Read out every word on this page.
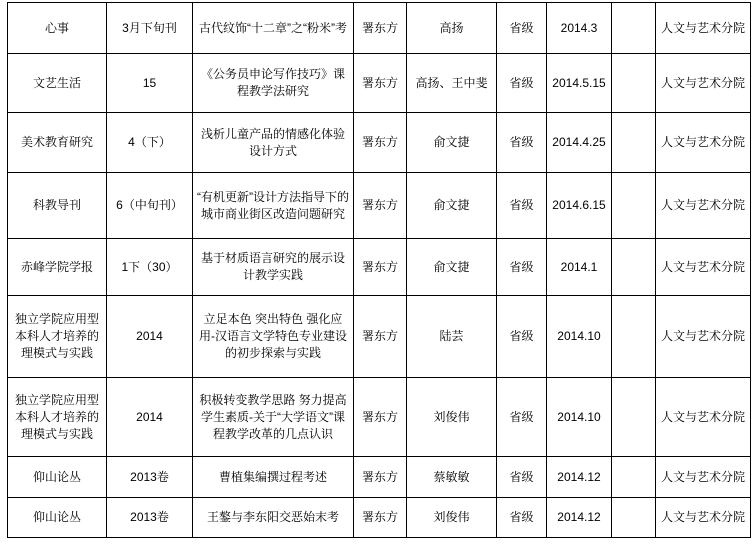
心事	3月下旬刊	古代纹饰“十二章”之“粉米”考	署东方	高扬	省级	2014.3		人文与艺术分院
文艺生活	15	《公务员申论写作技巧》课程教学法研究	署东方	高扬、王中斐	省级	2014.5.15		人文与艺术分院
美术教育研究	4（下）	浅析儿童产品的情感化体验设计方式	署东方	俞文捷	省级	2014.4.25		人文与艺术分院
科教导刊	6（中旬刊）	“有机更新”设计方法指导下的城市商业街区改造问题研究	署东方	俞文捷	省级	2014.6.15		人文与艺术分院
赤峰学院学报	1下（30）	基于材质语言研究的展示设计教学实践	署东方	俞文捷	省级	2014.1		人文与艺术分院
独立学院应用型本科人才培养的理模式与实践	2014	立足本色 突出特色 强化应用-汉语言文学特色专业建设的初步探索与实践	署东方	陆芸	省级	2014.10		人文与艺术分院
独立学院应用型本科人才培养的理模式与实践	2014	积极转变教学思路 努力提高学生素质-关于“大学语文”课程教学改革的几点认识	署东方	刘俊伟	省级	2014.10		人文与艺术分院
仰山论丛	2013卷	曹植集编撰过程考述	署东方	蔡敏敏	省级	2014.12		人文与艺术分院
仰山论丛	2013卷	王鏊与李东阳交恶始末考	署东方	刘俊伟	省级	2014.12		人文与艺术分院
